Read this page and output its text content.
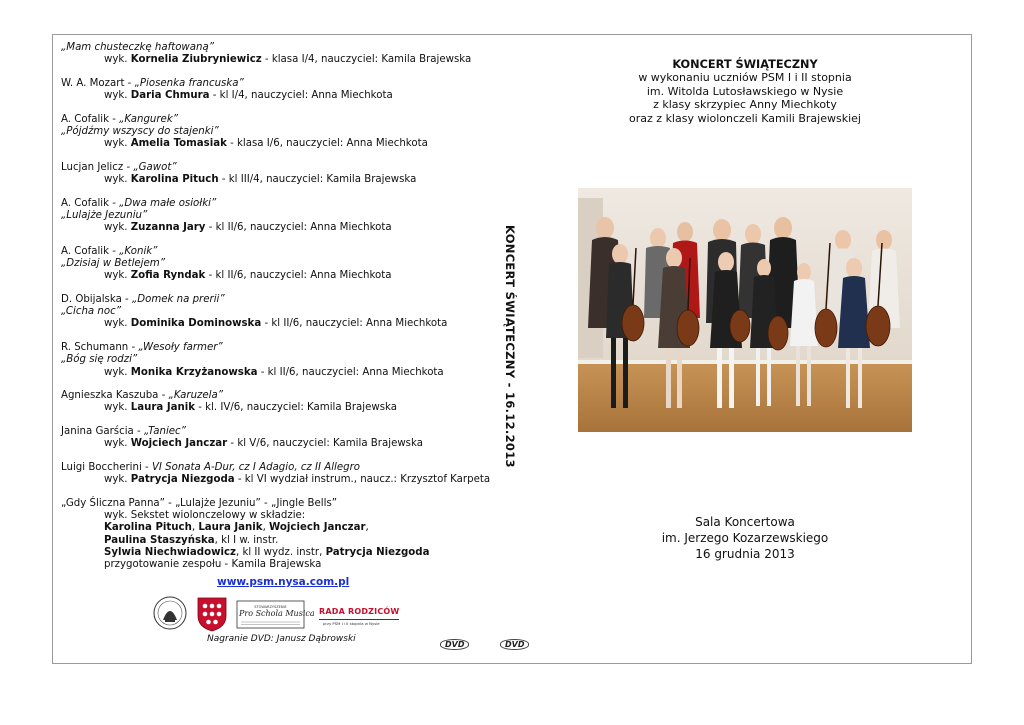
„Mam chusteczkę haftowaną”
wyk. Kornelia Ziubryniewicz - klasa I/4, nauczyciel: Kamila Brajewska
W. A. Mozart - „Piosenka francuska”
wyk. Daria Chmura - kl I/4, nauczyciel: Anna Miechkota
A. Cofalik - „Kangurek”
„Pójdźmy wszyscy do stajenki”
wyk. Amelia Tomasiak - klasa I/6, nauczyciel: Anna Miechkota
Lucjan Jelicz - „Gawot”
wyk. Karolina Pituch - kl III/4, nauczyciel: Kamila Brajewska
A. Cofalik - „Dwa małe osiołki”
„Lulajże Jezuniu”
wyk. Zuzanna Jary - kl II/6, nauczyciel: Anna Miechkota
A. Cofalik - „Konik”
„Dzisiaj w Betlejem”
wyk. Zofia Ryndak - kl II/6, nauczyciel: Anna Miechkota
D. Obijalska - „Domek na prerii”
„Cicha noc”
wyk. Dominika Dominowska - kl II/6, nauczyciel: Anna Miechkota
R. Schumann - „Wesoły farmer”
„Bóg się rodzi”
wyk. Monika Krzyżanowska - kl II/6, nauczyciel: Anna Miechkota
Agnieszka Kaszuba - „Karuzela”
wyk. Laura Janik - kl. IV/6, nauczyciel: Kamila Brajewska
Janina Garścia - „Taniec”
wyk. Wojciech Janczar - kl V/6, nauczyciel: Kamila Brajewska
Luigi Boccherini - VI Sonata A-Dur, cz I Adagio, cz II Allegro
wyk. Patrycja Niezgoda - kl VI wydział instrum., naucz.: Krzysztof Karpeta
„Gdy Śliczna Panna” - „Lulajże Jezuniu” - „Jingle Bells”
wyk. Sekstet wiolonczelowy w składzie:
Karolina Pituch, Laura Janik, Wojciech Janczar,
Paulina Staszyńska, kl I w. instr.
Sylwia Niechwiadowicz, kl II wydz. instr, Patrycja Niezgoda
przygotowanie zespołu - Kamila Brajewska
www.psm.nysa.com.pl
STOWARZYSZENIE
Pro Schola Musica RADA RODZICÓW
przy PSM I i II stopnia w Nysie
Nagranie DVD: Janusz Dąbrowski
KONCERT ŚWIĄTECZNY - 16.12.2013
KONCERT ŚWIĄTECZNY
w wykonaniu uczniów PSM I i II stopnia
im. Witolda Lutosławskiego w Nysie
z klasy skrzypiec Anny Miechkoty
oraz z klasy wiolonczeli Kamili Brajewskiej
Sala Koncertowa
im. Jerzego Kozarzewskiego
16 grudnia 2013
DVD	DVD
